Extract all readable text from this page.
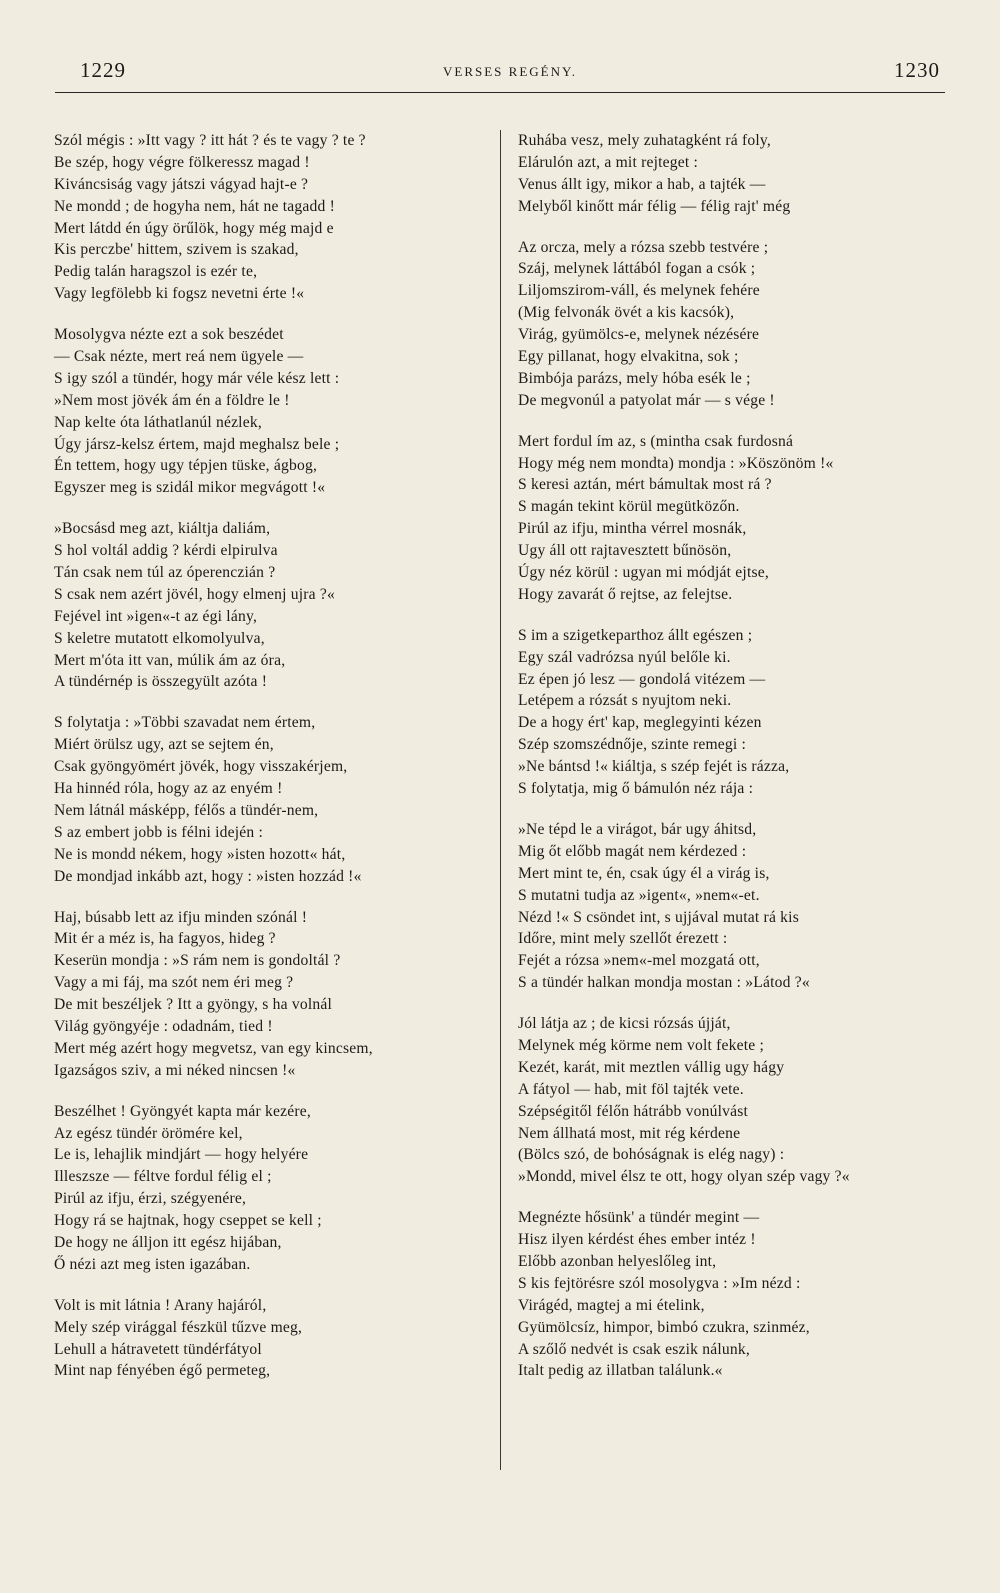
1229	VERSES REGÉNY.	1230
Szól mégis : »Itt vagy ? itt hát ? és te vagy ? te ?
Be szép, hogy végre fölkeressz magad !
Kiváncsiság vagy játszi vágyad hajt-e ?
Ne mondd ; de hogyha nem, hát ne tagadd !
Mert látdd én úgy örűlök, hogy még majd e
Kis perczbe' hittem, szivem is szakad,
Pedig talán haragszol is ezér te,
Vagy legfölebb ki fogsz nevetni érte !«
Mosolygva nézte ezt a sok beszédet
— Csak nézte, mert reá nem ügyele —
S igy szól a tündér, hogy már véle kész lett :
»Nem most jövék ám én a földre le !
Nap kelte óta láthatlanúl nézlek,
Úgy jársz-kelsz értem, majd meghalsz bele ;
Én tettem, hogy ugy tépjen tüske, ágbog,
Egyszer meg is szidál mikor megvágott !«
»Bocsásd meg azt, kiáltja daliám,
S hol voltál addig ? kérdi elpirulva
Tán csak nem túl az óperenczián ?
S csak nem azért jövél, hogy elmenj ujra ?«
Fejével int »igen«-t az égi lány,
S keletre mutatott elkomolyulva,
Mert m'óta itt van, múlik ám az óra,
A tündérnép is összegyült azóta !
S folytatja : »Többi szavadat nem értem,
Miért örülsz ugy, azt se sejtem én,
Csak gyöngyömért jövék, hogy visszakérjem,
Ha hinnéd róla, hogy az az enyém !
Nem látnál másképp, félős a tündér-nem,
S az embert jobb is félni idején :
Ne is mondd nékem, hogy »isten hozott« hát,
De mondjad inkább azt, hogy : »isten hozzád !«
Haj, búsabb lett az ifju minden szónál !
Mit ér a méz is, ha fagyos, hideg ?
Keserün mondja : »S rám nem is gondoltál ?
Vagy a mi fáj, ma szót nem éri meg ?
De mit beszéljek ? Itt a gyöngy, s ha volnál
Világ gyöngyéje : odadnám, tied !
Mert még azért hogy megvetsz, van egy kincsem,
Igazságos sziv, a mi néked nincsen !«
Beszélhet ! Gyöngyét kapta már kezére,
Az egész tündér örömére kel,
Le is, lehajlik mindjárt — hogy helyére
Illeszsze — féltve fordul félig el ;
Pirúl az ifju, érzi, szégyenére,
Hogy rá se hajtnak, hogy cseppet se kell ;
De hogy ne álljon itt egész hijában,
Ő nézi azt meg isten igazában.
Volt is mit látnia ! Arany hajáról,
Mely szép virággal fészkül tűzve meg,
Lehull a hátravetett tündérfátyol
Mint nap fényében égő permeteg,
Ruhába vesz, mely zuhatagként rá foly,
Elárulón azt, a mit rejteget :
Venus állt igy, mikor a hab, a tajték —
Melyből kinőtt már félig — félig rajt' még
Az orcza, mely a rózsa szebb testvére ;
Száj, melynek láttából fogan a csók ;
Liljomszirom-váll, és melynek fehére
(Mig felvonák övét a kis kacsók),
Virág, gyümölcs-e, melynek nézésére
Egy pillanat, hogy elvakitna, sok ;
Bimbója parázs, mely hóba esék le ;
De megvonúl a patyolat már — s vége !
Mert fordul ím az, s (mintha csak furdosná
Hogy még nem mondta) mondja : »Köszönöm !«
S keresi aztán, mért bámultak most rá ?
S magán tekint körül megütközőn.
Pirúl az ifju, mintha vérrel mosnák,
Ugy áll ott rajtavesztett bűnösön,
Úgy néz körül : ugyan mi módját ejtse,
Hogy zavarát ő rejtse, az felejtse.
S im a szigetkeparthoz állt egészen ;
Egy szál vadrózsa nyúl belőle ki.
Ez épen jó lesz — gondolá vitézem —
Letépem a rózsát s nyujtom neki.
De a hogy ért' kap, meglegyinti kézen
Szép szomszédnője, szinte remegi :
»Ne bántsd !« kiáltja, s szép fejét is rázza,
S folytatja, mig ő bámulón néz rája :
»Ne tépd le a virágot, bár ugy áhitsd,
Mig őt előbb magát nem kérdezed :
Mert mint te, én, csak úgy él a virág is,
S mutatni tudja az »igent«, »nem«-et.
Nézd !« S csöndet int, s ujjával mutat rá kis
Időre, mint mely szellőt érezett :
Fejét a rózsa »nem«-mel mozgatá ott,
S a tündér halkan mondja mostan : »Látod ?«
Jól látja az ; de kicsi rózsás újját,
Melynek még körme nem volt fekete ;
Kezét, karát, mit meztlen vállig ugy hágy
A fátyol — hab, mit föl tajték vete.
Szépségitől félőn hátrább vonúlvást
Nem állhatá most, mit rég kérdene
(Bölcs szó, de bohóságnak is elég nagy) :
»Mondd, mivel élsz te ott, hogy olyan szép vagy ?«
Megnézte hősünk' a tündér megint —
Hisz ilyen kérdést éhes ember intéz !
Előbb azonban helyeslőleg int,
S kis fejtörésre szól mosolygva : »Im nézd :
Virágéd, magtej a mi ételink,
Gyümölcsíz, himpor, bimbó czukra, szinméz,
A szőlő nedvét is csak eszik nálunk,
Italt pedig az illatban találunk.«
